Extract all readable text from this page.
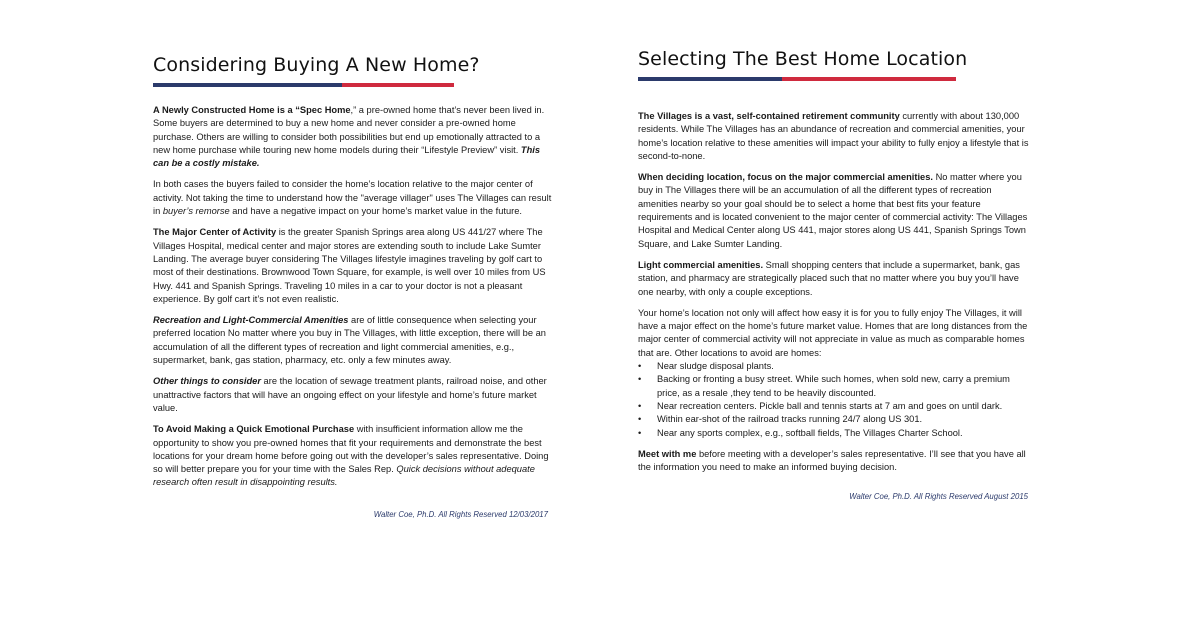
Considering Buying A New Home?

A Newly Constructed Home is a “Spec Home,” a pre-owned home that’s never been lived in. Some buyers are determined to buy a new home and never consider a pre-owned home purchase. Others are willing to consider both possibilities but end up emotionally attracted to a new home purchase while touring new home models during their “Lifestyle Preview” visit. This can be a costly mistake.

In both cases the buyers failed to consider the home’s location relative to the major center of activity. Not taking the time to understand how the "average villager" uses The Villages can result in buyer’s remorse and have a negative impact on your home’s market value in the future.

The Major Center of Activity is the greater Spanish Springs area along US 441/27 where The Villages Hospital, medical center and major stores are extending south to include Lake Sumter Landing. The average buyer considering The Villages lifestyle imagines traveling by golf cart to most of their destinations. Brownwood Town Square, for example, is well over 10 miles from US Hwy. 441 and Spanish Springs. Traveling 10 miles in a car to your doctor is not a pleasant experience. By golf cart it’s not even realistic.

Recreation and Light-Commercial Amenities are of little consequence when selecting your preferred location No matter where you buy in The Villages, with little exception, there will be an accumulation of all the different types of recreation and light commercial amenities, e.g., supermarket, bank, gas station, pharmacy, etc. only a few minutes away.

Other things to consider are the location of sewage treatment plants, railroad noise, and other unattractive factors that will have an ongoing effect on your lifestyle and home’s future market value.

To Avoid Making a Quick Emotional Purchase with insufficient information allow me the opportunity to show you pre-owned homes that fit your requirements and demonstrate the best locations for your dream home before going out with the developer’s sales representative. Doing so will better prepare you for your time with the Sales Rep. Quick decisions without adequate research often result in disappointing results.

Walter Coe, Ph.D. All Rights Reserved 12/03/2017
Selecting The Best Home Location

The Villages is a vast, self-contained retirement community currently with about 130,000 residents. While The Villages has an abundance of recreation and commercial amenities, your home’s location relative to these amenities will impact your ability to fully enjoy a lifestyle that is second-to-none.

When deciding location, focus on the major commercial amenities. No matter where you buy in The Villages there will be an accumulation of all the different types of recreation amenities nearby so your goal should be to select a home that best fits your feature requirements and is located convenient to the major center of commercial activity: The Villages Hospital and Medical Center along US 441, major stores along US 441, Spanish Springs Town Square, and Lake Sumter Landing.

Light commercial amenities. Small shopping centers that include a supermarket, bank, gas station, and pharmacy are strategically placed such that no matter where you buy you’ll have one nearby, with only a couple exceptions.

Your home’s location not only will affect how easy it is for you to fully enjoy The Villages, it will have a major effect on the home’s future market value. Homes that are long distances from the major center of commercial activity will not appreciate in value as much as comparable homes that are. Other locations to avoid are homes:

• Near sludge disposal plants.
• Backing or fronting a busy street. While such homes, when sold new, carry a premium price, as a resale ,they tend to be heavily discounted.
• Near recreation centers. Pickle ball and tennis starts at 7 am and goes on until dark.
• Within ear-shot of the railroad tracks running 24/7 along US 301.
• Near any sports complex, e.g., softball fields, The Villages Charter School.

Meet with me before meeting with a developer’s sales representative. I’ll see that you have all the information you need to make an informed buying decision.

Walter Coe, Ph.D. All Rights Reserved August 2015
